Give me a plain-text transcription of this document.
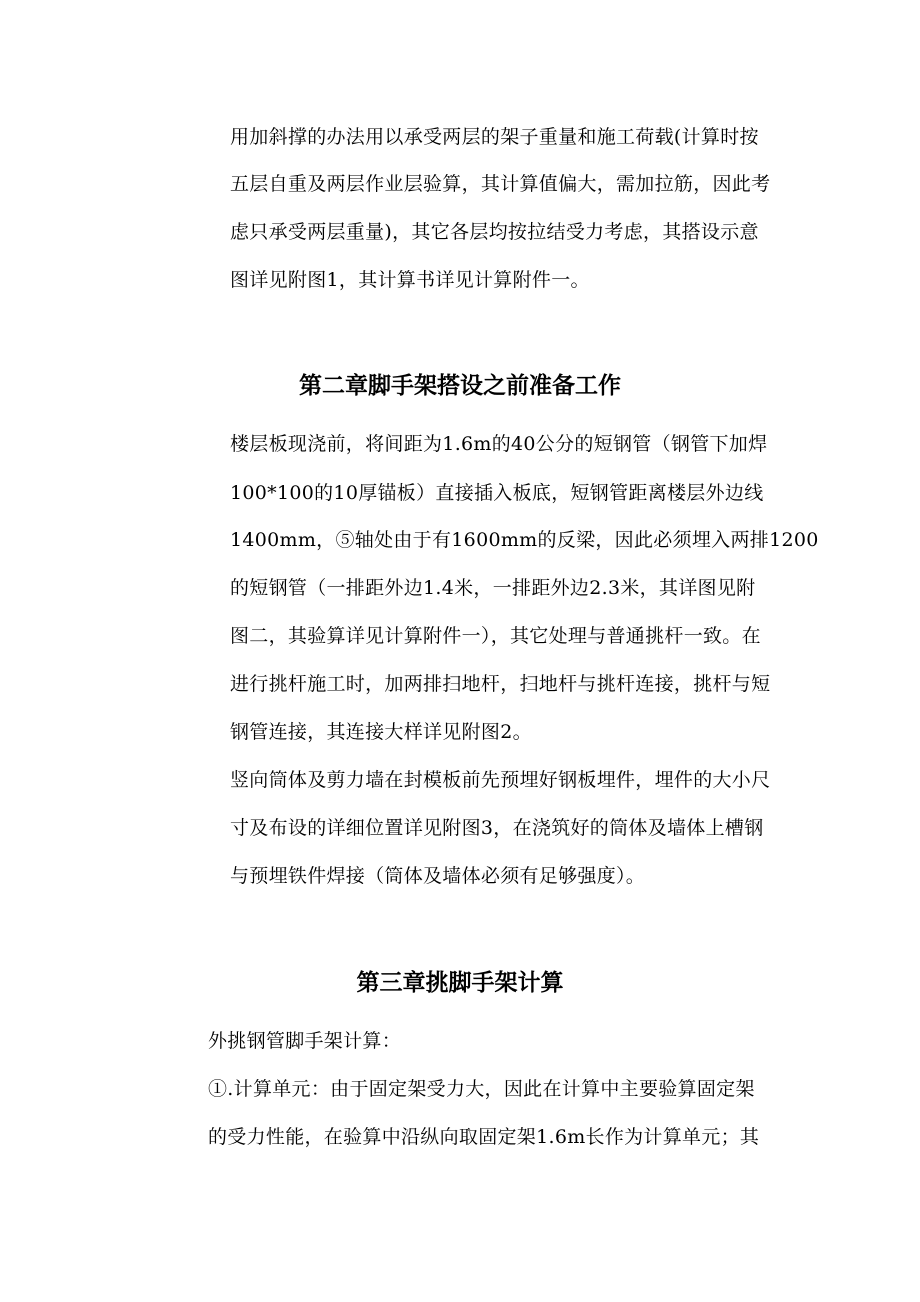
用加斜撑的办法用以承受两层的架子重量和施工荷载(计算时按
五层自重及两层作业层验算，其计算值偏大，需加拉筋，因此考
虑只承受两层重量)，其它各层均按拉结受力考虑，其搭设示意
图详见附图1，其计算书详见计算附件一。
第二章脚手架搭设之前准备工作
楼层板现浇前，将间距为1.6m的40公分的短钢管（钢管下加焊
100*100的10厚锚板）直接插入板底，短钢管距离楼层外边线
1400mm，⑤轴处由于有1600mm的反梁，因此必须埋入两排1200
的短钢管（一排距外边1.4米，一排距外边2.3米，其详图见附
图二，其验算详见计算附件一），其它处理与普通挑杆一致。在
进行挑杆施工时，加两排扫地杆，扫地杆与挑杆连接，挑杆与短
钢管连接，其连接大样详见附图2。
竖向筒体及剪力墙在封模板前先预埋好钢板埋件，埋件的大小尺
寸及布设的详细位置详见附图3，在浇筑好的筒体及墙体上槽钢
与预埋铁件焊接（筒体及墙体必须有足够强度）。
第三章挑脚手架计算
外挑钢管脚手架计算：
①.计算单元：由于固定架受力大，因此在计算中主要验算固定架
的受力性能，在验算中沿纵向取固定架1.6m长作为计算单元；其
